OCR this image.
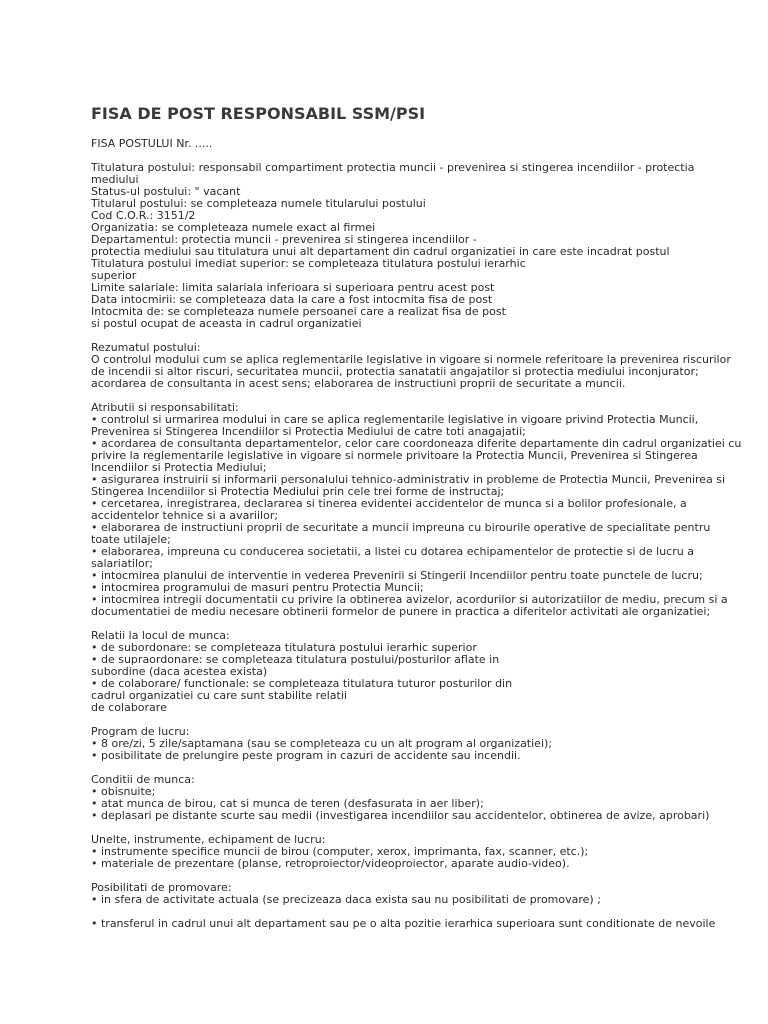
FISA DE POST RESPONSABIL SSM/PSI
FISA POSTULUI Nr. .....
Titulatura postului: responsabil compartiment protectia muncii - prevenirea si stingerea incendiilor - protectia
mediului
Status-ul postului: " vacant
Titularul postului: se completeaza numele titularului postului
Cod C.O.R.: 3151/2
Organizatia: se completeaza numele exact al firmei
Departamentul: protectia muncii - prevenirea si stingerea incendiilor -
protectia mediului sau titulatura unui alt departament din cadrul organizatiei in care este incadrat postul
Titulatura postului imediat superior: se completeaza titulatura postului ierarhic
superior
Limite salariale: limita salariala inferioara si superioara pentru acest post
Data intocmirii: se completeaza data la care a fost intocmita fisa de post
Intocmita de: se completeaza numele persoanei care a realizat fisa de post
si postul ocupat de aceasta in cadrul organizatiei
Rezumatul postului:
O controlul modului cum se aplica reglementarile legislative in vigoare si normele referitoare la prevenirea riscurilor
de incendii si altor riscuri, securitatea muncii, protectia sanatatii angajatilor si protectia mediului inconjurator;
acordarea de consultanta in acest sens; elaborarea de instructiuni proprii de securitate a muncii.
Atributii si responsabilitati:
• controlul si urmarirea modului in care se aplica reglementarile legislative in vigoare privind Protectia Muncii,
Prevenirea si Stingerea Incendiilor si Protectia Mediului de catre toti anagajatii;
• acordarea de consultanta departamentelor, celor care coordoneaza diferite departamente din cadrul organizatiei cu
privire la reglementarile legislative in vigoare si normele privitoare la Protectia Muncii, Prevenirea si Stingerea
Incendiilor si Protectia Mediului;
• asigurarea instruirii si informarii personalului tehnico-administrativ in probleme de Protectia Muncii, Prevenirea si
Stingerea Incendiilor si Protectia Mediului prin cele trei forme de instructaj;
• cercetarea, inregistrarea, declararea si tinerea evidentei accidentelor de munca si a bolilor profesionale, a
accidentelor tehnice si a avariilor;
• elaborarea de instructiuni proprii de securitate a muncii impreuna cu birourile operative de specialitate pentru
toate utilajele;
• elaborarea, impreuna cu conducerea societatii, a listei cu dotarea echipamentelor de protectie si de lucru a
salariatilor;
• intocmirea planului de interventie in vederea Prevenirii si Stingerii Incendiilor pentru toate punctele de lucru;
• intocmirea programului de masuri pentru Protectia Muncii;
• intocmirea intregii documentatii cu privire la obtinerea avizelor, acordurilor si autorizatiilor de mediu, precum si a
documentatiei de mediu necesare obtinerii formelor de punere in practica a diferitelor activitati ale organizatiei;
Relatii la locul de munca:
• de subordonare: se completeaza titulatura postului ierarhic superior
• de supraordonare: se completeaza titulatura postului/posturilor aflate in
subordine (daca acestea exista)
• de colaborare/ functionale: se completeaza titulatura tuturor posturilor din
cadrul organizatiei cu care sunt stabilite relatii
de colaborare
Program de lucru:
• 8 ore/zi, 5 zile/saptamana (sau se completeaza cu un alt program al organizatiei);
• posibilitate de prelungire peste program in cazuri de accidente sau incendii.
Conditii de munca:
• obisnuite;
• atat munca de birou, cat si munca de teren (desfasurata in aer liber);
• deplasari pe distante scurte sau medii (investigarea incendiilor sau accidentelor, obtinerea de avize, aprobari)
Unelte, instrumente, echipament de lucru:
• instrumente specifice muncii de birou (computer, xerox, imprimanta, fax, scanner, etc.);
• materiale de prezentare (planse, retroproiector/videoproiector, aparate audio-video).
Posibilitati de promovare:
• in sfera de activitate actuala (se precizeaza daca exista sau nu posibilitati de promovare) ;
• transferul in cadrul unui alt departament sau pe o alta pozitie ierarhica superioara sunt conditionate de nevoile
